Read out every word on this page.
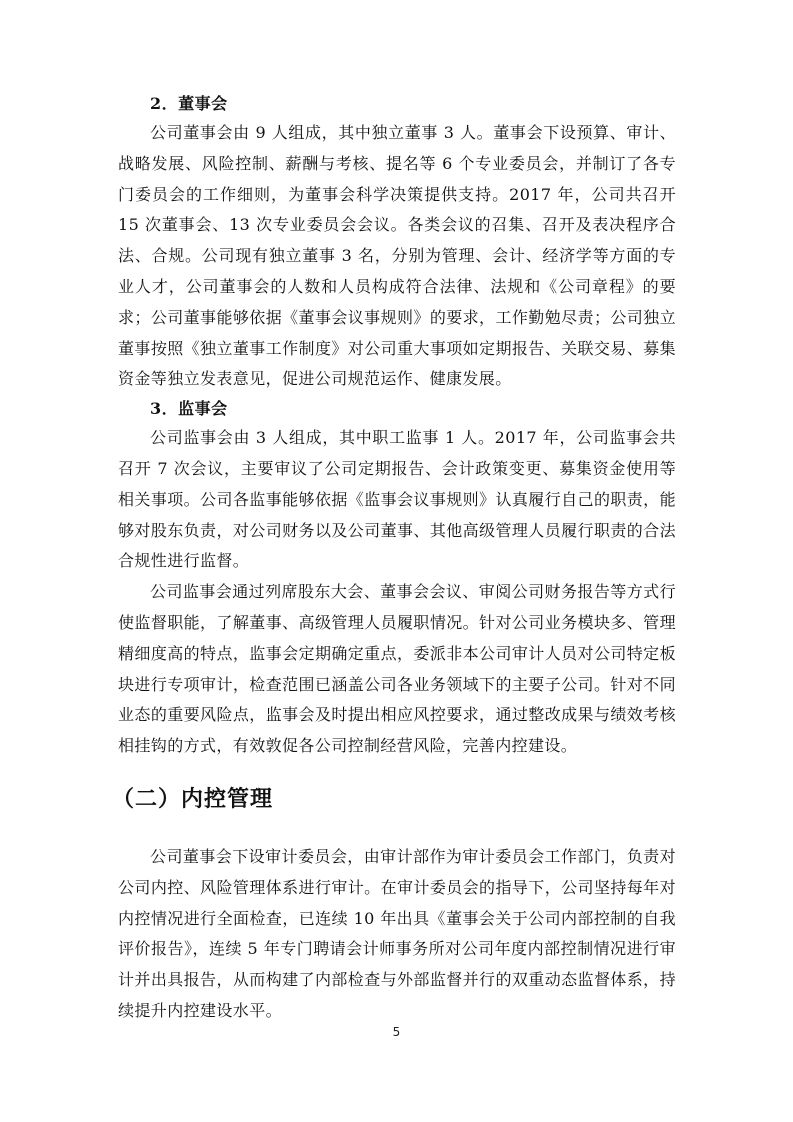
2．董事会

公司董事会由 9 人组成，其中独立董事 3 人。董事会下设预算、审计、战略发展、风险控制、薪酬与考核、提名等 6 个专业委员会，并制订了各专门委员会的工作细则，为董事会科学决策提供支持。2017 年，公司共召开 15 次董事会、13 次专业委员会会议。各类会议的召集、召开及表决程序合法、合规。公司现有独立董事 3 名，分别为管理、会计、经济学等方面的专业人才，公司董事会的人数和人员构成符合法律、法规和《公司章程》的要求；公司董事能够依据《董事会议事规则》的要求，工作勤勉尽责；公司独立董事按照《独立董事工作制度》对公司重大事项如定期报告、关联交易、募集资金等独立发表意见，促进公司规范运作、健康发展。

3．监事会

公司监事会由 3 人组成，其中职工监事 1 人。2017 年，公司监事会共召开 7 次会议，主要审议了公司定期报告、会计政策变更、募集资金使用等相关事项。公司各监事能够依据《监事会议事规则》认真履行自己的职责，能够对股东负责，对公司财务以及公司董事、其他高级管理人员履行职责的合法合规性进行监督。

公司监事会通过列席股东大会、董事会会议、审阅公司财务报告等方式行使监督职能，了解董事、高级管理人员履职情况。针对公司业务模块多、管理精细度高的特点，监事会定期确定重点，委派非本公司审计人员对公司特定板块进行专项审计，检查范围已涵盖公司各业务领域下的主要子公司。针对不同业态的重要风险点，监事会及时提出相应风控要求，通过整改成果与绩效考核相挂钩的方式，有效敦促各公司控制经营风险，完善内控建设。

（二）内控管理

公司董事会下设审计委员会，由审计部作为审计委员会工作部门，负责对公司内控、风险管理体系进行审计。在审计委员会的指导下，公司坚持每年对内控情况进行全面检查，已连续 10 年出具《董事会关于公司内部控制的自我评价报告》，连续 5 年专门聘请会计师事务所对公司年度内部控制情况进行审计并出具报告，从而构建了内部检查与外部监督并行的双重动态监督体系，持续提升内控建设水平。

5
